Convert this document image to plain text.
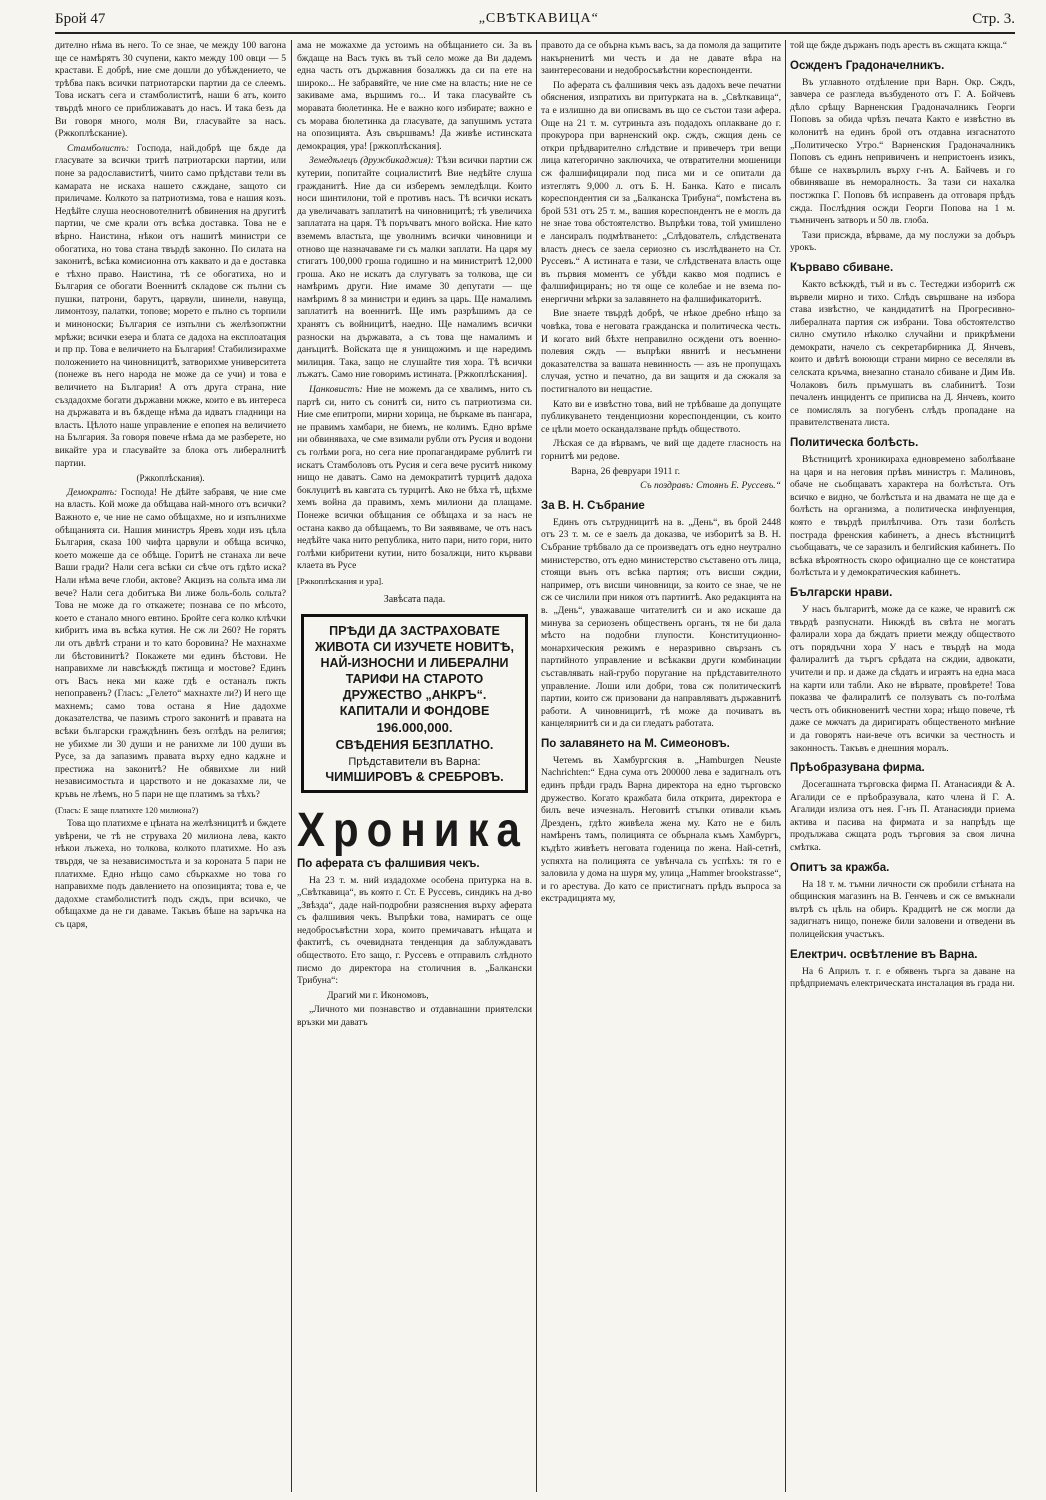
Брой 47	„СВѢТКАВИЦА“	Стр. 3.

дително нѣма въ него. То се знае, че между 100 вагона ще се намѣрятъ 30 счупени, както между 100 овци — 5 крастави. Е добрѣ, ние сме дошли до убѣждението, че трѣбва пакъ всички патриотарски партии да се слеемъ. Това искатъ сега и стамболиститѣ, наши 6 атъ, които твърдѣ много се приближаватъ до насъ. И така безъ да Ви говоря много, моля Ви, гласувайте за насъ. (Ржкоплѣскание).

Стамболистъ: Господа, най.добрѣ ще бѫде да гласувате за всички тритѣ патриотарски партии, или поне за радославиститѣ, чиито само прѣдстави тели въ камарата не искаха нашето сѫждане, защото си приличаме. Колкото за патриотизма, това е нашия козъ. Недѣйте слуша неосновотелнитѣ обвинения на другитѣ партии, че сме крали отъ всѣка доставка. Това не е вѣрно. Наистина, нѣкои отъ нашитѣ министри се обогатиха, но това стана твърдѣ законно. По силата на законитѣ, всѣка комисионна отъ каквато и да е доставка е тѣхно право. Наистина, тѣ се обогатиха, но и България се обогати Военнитѣ складове сж пълни съ пушки, патрони, барутъ, царвули, шинели, навуща, лимонтозу, палатки, топове; морето е пълно съ торпили и миноноски; България се изпълни съ желѣзопжтни мрѣжи; всички езера и блата се дадоха на експлоатация и пр пр. Това е величието на България! Стабилизирахме положението на чиновницитѣ, затворихме университета (понеже въ него народа не може да се учи) и това е величието на България! А отъ друга страна, ние създадохме богати държавни мжже, които е въ интереса на държавата и въ бѫдеще нѣма да идватъ гладници на власть. Цѣлото наше управление е епопея на величието на България. За говоря повече нѣма да ме разберете, но викайте ура и гласувайте за блока отъ либералнитѣ партии.

(Ржкоплѣскания).

Демократъ: Господа! Не дѣйте забравя, че ние сме на власть. Кой може да обѣщава най-много отъ всички? Важното е, че ние не само обѣщахме, но и изпълнихме обѣщанията си. Нашия министръ Яревъ ходи изъ цѣла България, сказа 100 чифта царвули и обѣща всичко, което можеше да се обѣще. Горитѣ не станаха ли вече Ваши гради? Нали сега всѣки си сѣче отъ гдѣто иска? Нали нѣма вече глоби, актове? Акцизъ на сольта има ли вече? Нали сега добитъка Ви лиже боль-боль сольта? Това не може да го откажете; познава се по мѣсото, което е станало много евтино. Бройте сега колко клѣчки кибритъ има въ всѣка кутия. Не сж ли 260? Не горятъ ли отъ двѣтѣ страни и то като боровина? Не махнахме ли бѣстовинитѣ? Покажете ми единъ бѣстови. Не направихме ли навсѣкждѣ пжтища и мостове? Единъ отъ Васъ нека ми каже гдѣ е останалъ пжть непоправенъ? (Гласъ: „Гелето“ махнахте ли?) И него ще махнемъ; само това остана я Ние дадохме доказателства, че пазимъ строго законитѣ и правата на всѣки български граждѣнинъ безъ оглѣдъ на религия; не убихме ли 30 души и не ранихме ли 100 души въ Русе, за да запазимъ правата върху едно кадѫне и престижа на законитѣ? Не обявихме ли ний независимостьта и царството и не доказахме ли, че кръвь не лѣемъ, но 5 пари не ще платимъ за тѣхъ?

(Гласъ: Е заще платихте 120 милиона?)

Това що платихме е цѣната на желѣзницитѣ и бждете увѣрени, че тѣ не струваха 20 милиона лева, както нѣкои лъжеха, но толкова, колкото платихме. Но азъ твърдя, че за независимостьта и за короната 5 пари не платихме. Едно нѣщо само сбъркахме но това го направихме подъ давлението на опозицията; това е, че дадохме стамболиститѣ подъ сждъ, при всичко, че обѣщахме да не ги даваме. Такъвъ бѣше на заръчка на съ царя,

ама не можахме да устоимъ на обѣщанието си. За въ бждаще на Васъ тукъ въ тъй село може да Ви дадемъ една часть отъ държавния бозалжкъ да си па ете на широко... Не забравяйте, че ние сме на власть; ние не се закиваме ама, вършимъ го... И така гласувайте съ моравата бюлетинка. Не е важно кого избирате; важно е съ морава бюлетинка да гласувате, да запушимъ устата на опозицията. Азъ свършвамъ! Да живѣе истинската демокрация, ура! [ржкоплѣскания].

Земедѣлецъ (дружбикаджия): Тѣзи всички партии сж кутерии, попитайте социалиститѣ Вие недѣйте слуша гражданитѣ. Ние да си изберемъ земледѣлци. Които носи шинтилони, той е противъ насъ. Тѣ всички искатъ да увеличаватъ заплатитѣ на чиновницитѣ; тѣ увеличиха заплатата на царя. Тѣ поръчватъ много войска. Ние като вземемъ властьта, ще уволнимъ всички чиновници и отново ще назначаваме ги съ малки заплати. На царя му стигатъ 100,000 гроша годишно и на министритѣ 12,000 гроша. Ако не искатъ да слугуватъ за толкова, ще си намѣримъ други. Ние имаме 30 депутати — ще намѣримъ 8 за министри и единъ за царь. Ще намалимъ заплатитѣ на военнитѣ. Ще имъ разрѣшимъ да се хранятъ съ войницитѣ, наедно. Ще намалимъ всички разноски на държавата, а съ това ще намалимъ и данъцитѣ. Войската ще я унищожимъ и ще наредимъ милиция. Така, защо не слушайте тия хора. Тѣ всички лъжатъ. Само ние говоримъ истината. [Ржкоплѣскания].

Цанковистъ: Ние не можемъ да се хвалимъ, нито съ партѣ си, нито съ сонитѣ си, нито съ патриотизма си. Ние сме епитропи, мирни хорица, не бъркаме въ пангара, не правимъ хамбари, не биемъ, не колимъ. Едно врѣме ни обвиняваха, че сме взимали рубли отъ Русия и водони съ голѣми рога, но сега ние пропагандираме рублитѣ ги искатъ Стамболовъ отъ Русия и сега вече руситѣ никому нищо не даватъ. Само на демократитѣ турцитѣ дадоха боклуцитѣ въ кавгата съ турцитѣ. Ако не бѣха тѣ, щѣхме хемъ война да правимъ, хемъ милиони да плащаме. Понеже всички обѣщания се обѣщаха и за насъ не остана какво да обѣщаемъ, то Ви заявяваме, че отъ насъ недѣйте чака нито република, нито пари, нито гори, нито голѣми кибритени кутии, нито бозалжци, нито кървави клаета въ Русе

[Ржкоплѣскания и ура].

Завѣсата пада.

ПРѢДИ ДА ЗАСТРАХОВАТЕ ЖИВОТА СИ ИЗУЧЕТЕ НОВИТѢ, НАЙ-ИЗНОСНИ И ЛИБЕРАЛНИ ТАРИФИ НА СТАРОТО ДРУЖЕСТВО „АНКРЪ“. КАПИТАЛИ И ФОНДОВЕ
196.000,000.
СВѢДЕНИЯ БЕЗПЛАТНО.
Прѣдставители въ Варна:
ЧИМШИРОВЪ & СРЕБРОВЪ.
Хроника
По аферата съ фалшивия чекъ.

На 23 т. м. ний издадохме особена притурка на в. „Свѣткавица“, въ която г. Ст. Е Руссевъ, синдикъ на д-во „Звѣзда“, даде най-подробни разяснения върху аферата съ фалшивия чекъ. Въпрѣки това, намиратъ се още недобросъвѣстни хора, които премичаватъ нѣщата и фактитѣ, съ очевидната тенденция да заблуждаватъ обществото. Ето защо, г. Руссевъ е отправилъ слѣдното писмо до директора на столичния в. „Балкански Трибуна“:

Драгий ми г. Икономовъ,

„Личното ми познавство и отдавнашни приятелски връзки ми даватъ

правото да се обърна къмъ васъ, за да помоля да защитите накърненитѣ ми честь и да не давате вѣра на заинтересовани и недобросъвѣстни кореспонденти.

По аферата съ фалшивия чекъ азъ дадохъ вече печатни обяснения, изпратихъ ви притурката на в. „Свѣткавица“, та е излишно да ви описвамъ въ що се състои тази афера. Още на 21 т. м. сутриньта азъ подадохъ оплакване до г. прокурора при варненский окр. сждъ, сжщия день се откри прѣдварително слѣдствие и привечеръ три вещи лица категорично заключиха, че отвратителни мошеници сж фалшифицирали под писа ми и се опитали да изтеглятъ 9,000 л. отъ Б. Н. Банка. Като е писалъ кореспондентия си за „Балканска Трибуна“, помѣстена въ брой 531 отъ 25 т. м., вашия кореспондентъ не е моглъ да не знае това обстоятелство. Въпрѣки това, той умишлено е лансиралъ подмѣтването: „Слѣдователъ, слѣдствената власть днесъ се заела сериозно съ изслѣдването на Ст. Руссевъ.“ А истината е тази, че слѣдствената власть още въ първия моментъ се убѣди какво моя подписъ е фалшифициранъ; но тя още се колебае и не взема по-енергични мѣрки за залавянето на фалшификаторитѣ.

Вие знаете твърдѣ добрѣ, че нѣкое дребно нѣщо за човѣка, това е неговата гражданска и политическа честь. И когато вий бѣхте неправилно осждени отъ военно-полевия сждъ — въпрѣки явнитѣ и несъмнени доказателства за вашата невинность — азъ не пропущахъ случая, устно и печатно, да ви защитя и да сжжаля за постигналото ви нещастие.

Като ви е извѣстно това, вий не трѣбваше да допущате публикуването тенденциозни кореспонденции, съ които се цѣли моето оскандалзване прѣдъ обществото.

Лѣская се да вѣрвамъ, че вий ще дадете гласность на горнитѣ ми редове.

Варна, 26 февруари 1911 г.

Съ поздравъ: Стоянъ Е. Руссевъ.“

За В. Н. Събрание

Единъ отъ сътрудницитѣ на в. „День“, въ брой 2448 отъ 23 т. м. се е заелъ да доказва, че изборитѣ за В. Н. Събрание трѣбвало да се произведатъ отъ едно неутрално министерство, отъ едно министерство съставено отъ лица, стоящи вънъ отъ всѣка партия; отъ висши сждии, например, отъ висши чиновници, за които се знае, че не сж се числили при никоя отъ партиитѣ. Ако редакцията на в. „День“, уважаваше читателитѣ си и ако искаше да минува за сериозенъ общественъ органъ, тя не би дала мѣсто на подобни глупости. Конституционно-монархическия режимъ е неразривно свързанъ съ партийното управление и всѣкакви други комбинации съставлявать най-грубо поругание на прѣдставителното управление. Лоши или добри, това сж политическитѣ партии, които сж призовани да направляватъ държавнитѣ работи. А чиновницитѣ, тѣ може да почиватъ въ канцеляриитѣ си и да си гледатъ работата.

По залавянето на М. Симеоновъ.

Четемъ въ Хамбургския в. „Hamburgen Neuste Nachrichten:“ Една сума отъ 200000 лева е задигналъ отъ единъ прѣди градъ Варна директора на едно търговско дружество. Когато кражбата била открита, директора е билъ вече изчезналъ. Неговитѣ стъпки отивали къмъ Дрезденъ, гдѣто живѣела жена му. Като не е билъ намѣренъ тамъ, полицията се обърнала къмъ Хамбургъ, къдѣто живѣетъ неговата годеница по жена. Най-сетнѣ, успяхта на полицията се увѣнчала съ успѣхъ: тя го е заловила у дома на шуря му, улица „Hammer brookstrasse“, и го арестува. До като се пристигнатъ прѣдъ въпроса за екстрадицията му,

той ще бжде държанъ подъ арестъ въ сжщата кжща.“

Осжденъ Градоначелникъ.

Въ углавното отдѣление при Варн. Окр. Сждъ, завчера се разгледа възбуденото отъ Г. А. Бойчевъ дѣло срѣщу Варненския Градоначалникъ Георги Поповъ за обида чрѣзъ печата Както е извѣстно въ колонитѣ на единъ брой отъ отдавна изгаснатото „Политическо Утро.“ Варненския Градоначалникъ Поповъ съ единъ непривиченъ и непристоенъ изикъ, бѣше се нахвърлилъ върху г-нъ А. Байчевъ и го обвиняваше въ неморалность. За тази си нахалка постжпка Г. Поповъ бѣ исправенъ да отговаря прѣдъ сжда. Послѣдния осжди Георги Попова на 1 м. тъмниченъ затворъ и 50 лв. глоба.

Тази присжда, вѣрваме, да му послужи за добъръ урокъ.

Кърваво сбиване.

Както всѣкждѣ, тъй и въ с. Тестеджи изборитѣ сж вървели мирно и тихо. Слѣдъ свършване на избора става извѣстно, че кандидатитѣ на Прогресивно-либералната партия сж избрани. Това обстоятелство силно смутило нѣколко случайни и прикрѣмени демократи, начело съ секретарбирника Д. Янчевъ, които и двѣтѣ воюющи страни мирно се веселяли въ селската кръчма, внезапно станало сбиване и Дим Ив. Чолаковъ билъ пръмушатъ въ слабинитѣ. Този печаленъ инцидентъ се приписва на Д. Янчевъ, които се помислялъ за погубенъ слѣдъ пропадане на правителствената листа.

Политическа болѣсть.

Вѣстницитѣ хроникираха едновремено заболѣване на царя и на неговия прѣвъ министръ г. Малиновъ, обаче не сьобщаватъ характера на болѣстьта. Отъ всичко е видно, че болѣстьта и на двамата не ще да е болѣсть на организма, а политическа инфлуенция, която е твърдѣ прилѣпчива. Отъ тази болѣсть пострада френския кабинетъ, а днесъ вѣстницитѣ съобщаватъ, че се заразилъ и белгийския кабинетъ. По всѣка вѣроятность скоро официално ще се констатира болѣстьта и у демократическия кабинетъ.

Български нрави.

У насъ българитѣ, може да се каже, че нравитѣ сж твърдѣ разпуснати. Никждѣ въ свѣта не могатъ фалирали хора да бждатъ приети между обществото отъ порядъчни хора У насъ е твърдѣ на мода фалиралитѣ да търгъ срѣдата на сждии, адвокати, учители и пр. и даже да сѣдатъ и играятъ на една маса на карти или табли. Ако не вѣрвате, провѣрете! Това показва че фалиралитѣ се ползуватъ съ по-голѣма честь отъ обикновенитѣ честни хора; нѣщо повече, тѣ даже се мжчатъ да диригиратъ общественото мнѣние и да говорятъ наи-вече отъ всички за честность и законность. Такъвъ е днешния моралъ.

Прѣобразувана фирма.

Досегашната търговска фирма П. Атанасияди & А. Агалиди се е прѣобразувала, като члена й Г. А. Агалиди излиза отъ нея. Г-нъ П. Атанасияди приема актива и пасива на фирмата и за напрѣдъ ще продължава сжщата родъ търговия за своя лична смѣтка.

Опитъ за кражба.

На 18 т. м. тъмни личности сж пробили стѣната на общинския магазинъ на В. Генчевъ и сж се вмъкнали вътрѣ съ цѣль на обиръ. Крадцитѣ не сж могли да задигнатъ нищо, понеже били заловени и отведени въ полицейския участъкъ.

Електрич. освѣтление въ Варна.

На 6 Априлъ т. г. е обявенъ търга за даване на прѣдприемачъ електрическата инсталация въ града ни.
